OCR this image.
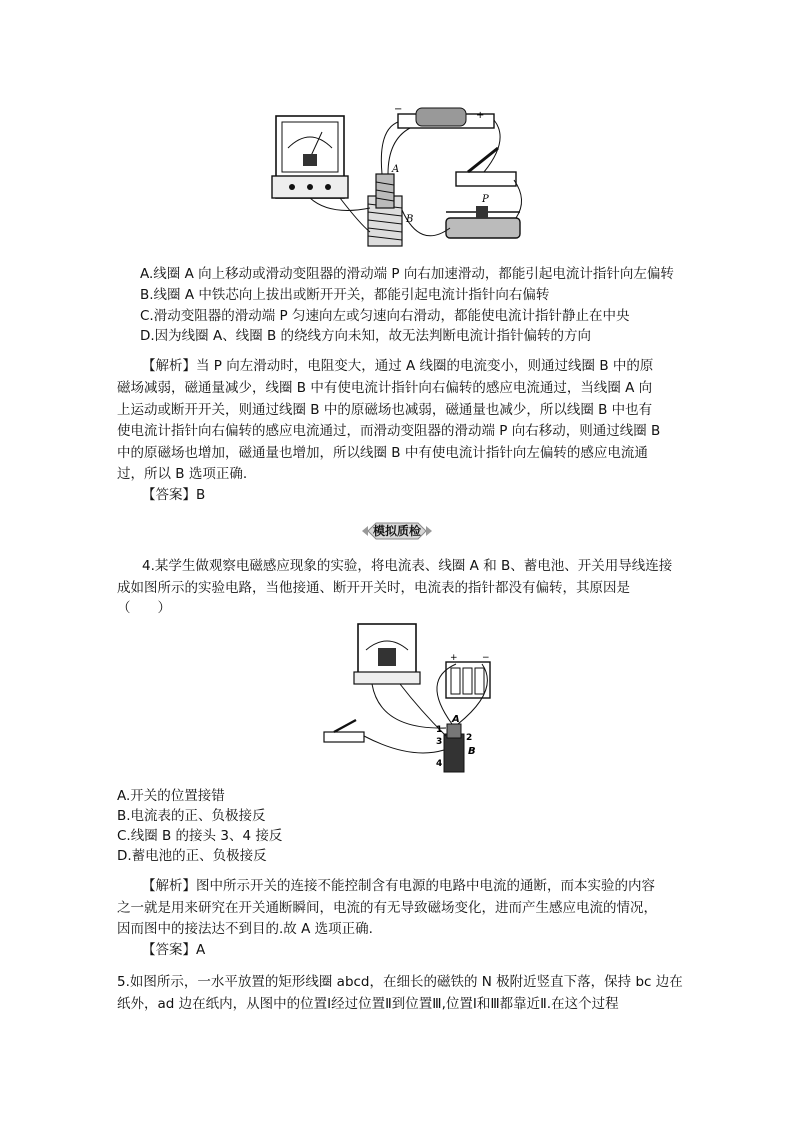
A
B
P
−
+
A.线圈 A 向上移动或滑动变阻器的滑动端 P 向右加速滑动，都能引起电流计指针向左偏转
B.线圈 A 中铁芯向上拔出或断开开关，都能引起电流计指针向右偏转
C.滑动变阻器的滑动端 P 匀速向左或匀速向右滑动，都能使电流计指针静止在中央
D.因为线圈 A、线圈 B 的绕线方向未知，故无法判断电流计指针偏转的方向
【解析】当 P 向左滑动时，电阻变大，通过 A 线圈的电流变小，则通过线圈 B 中的原
磁场减弱，磁通量减少，线圈 B 中有使电流计指针向右偏转的感应电流通过，当线圈 A 向
上运动或断开开关，则通过线圈 B 中的原磁场也减弱，磁通量也减少，所以线圈 B 中也有
使电流计指针向右偏转的感应电流通过，而滑动变阻器的滑动端 P 向右移动，则通过线圈 B
中的原磁场也增加，磁通量也增加，所以线圈 B 中有使电流计指针向左偏转的感应电流通
过，所以 B 选项正确.
【答案】B
模拟质检
4.某学生做观察电磁感应现象的实验，将电流表、线圈 A 和 B、蓄电池、开关用导线连接
成如图所示的实验电路，当他接通、断开开关时，电流表的指针都没有偏转，其原因是
（　　）
1
2
3
4
A
B
+	−
A.开关的位置接错
B.电流表的正、负极接反
C.线圈 B 的接头 3、4 接反
D.蓄电池的正、负极接反
【解析】图中所示开关的连接不能控制含有电源的电路中电流的通断，而本实验的内容
之一就是用来研究在开关通断瞬间，电流的有无导致磁场变化，进而产生感应电流的情况，
因而图中的接法达不到目的.故 A 选项正确.
【答案】A
5.如图所示，一水平放置的矩形线圈 abcd，在细长的磁铁的 N 极附近竖直下落，保持 bc 边在
纸外，ad 边在纸内，从图中的位置Ⅰ经过位置Ⅱ到位置Ⅲ,位置Ⅰ和Ⅲ都靠近Ⅱ.在这个过程
